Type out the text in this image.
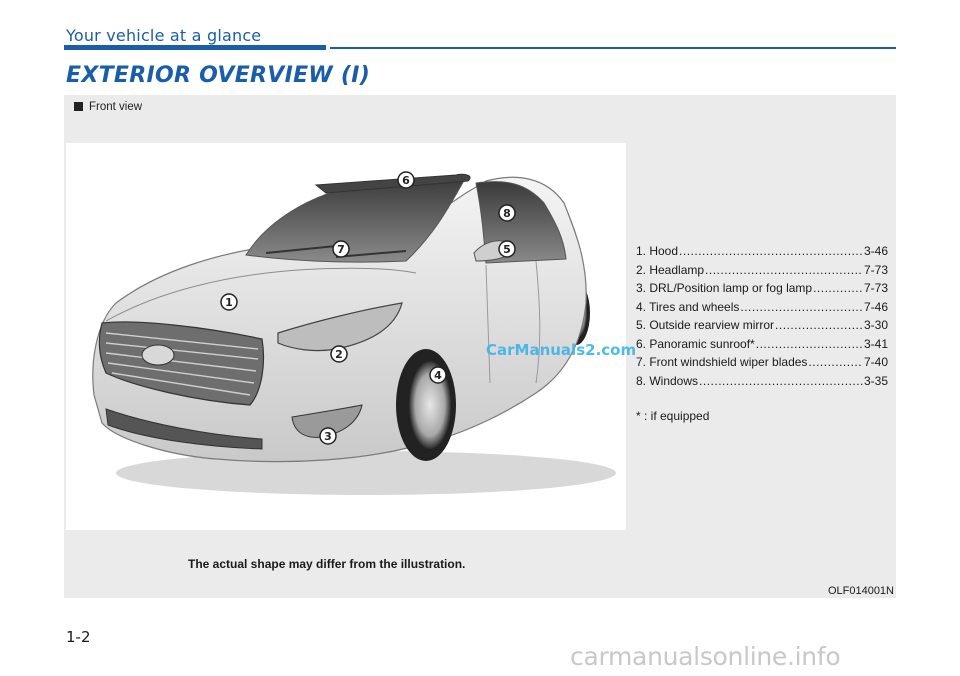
Your vehicle at a glance
EXTERIOR OVERVIEW (I)
Front view
1
2
3
4
5
6
7
8
CarManuals2.com
1. Hood .....	3-46
2. Headlamp .....	7-73
3. DRL/Position lamp or fog lamp .....	7-73
4. Tires and wheels .....	7-46
5. Outside rearview mirror .....	3-30
6. Panoramic sunroof* .....	3-41
7. Front windshield wiper blades .....	7-40
8. Windows .....	3-35
* : if equipped
The actual shape may differ from the illustration.
OLF014001N
1-2
carmanualsonline.info
